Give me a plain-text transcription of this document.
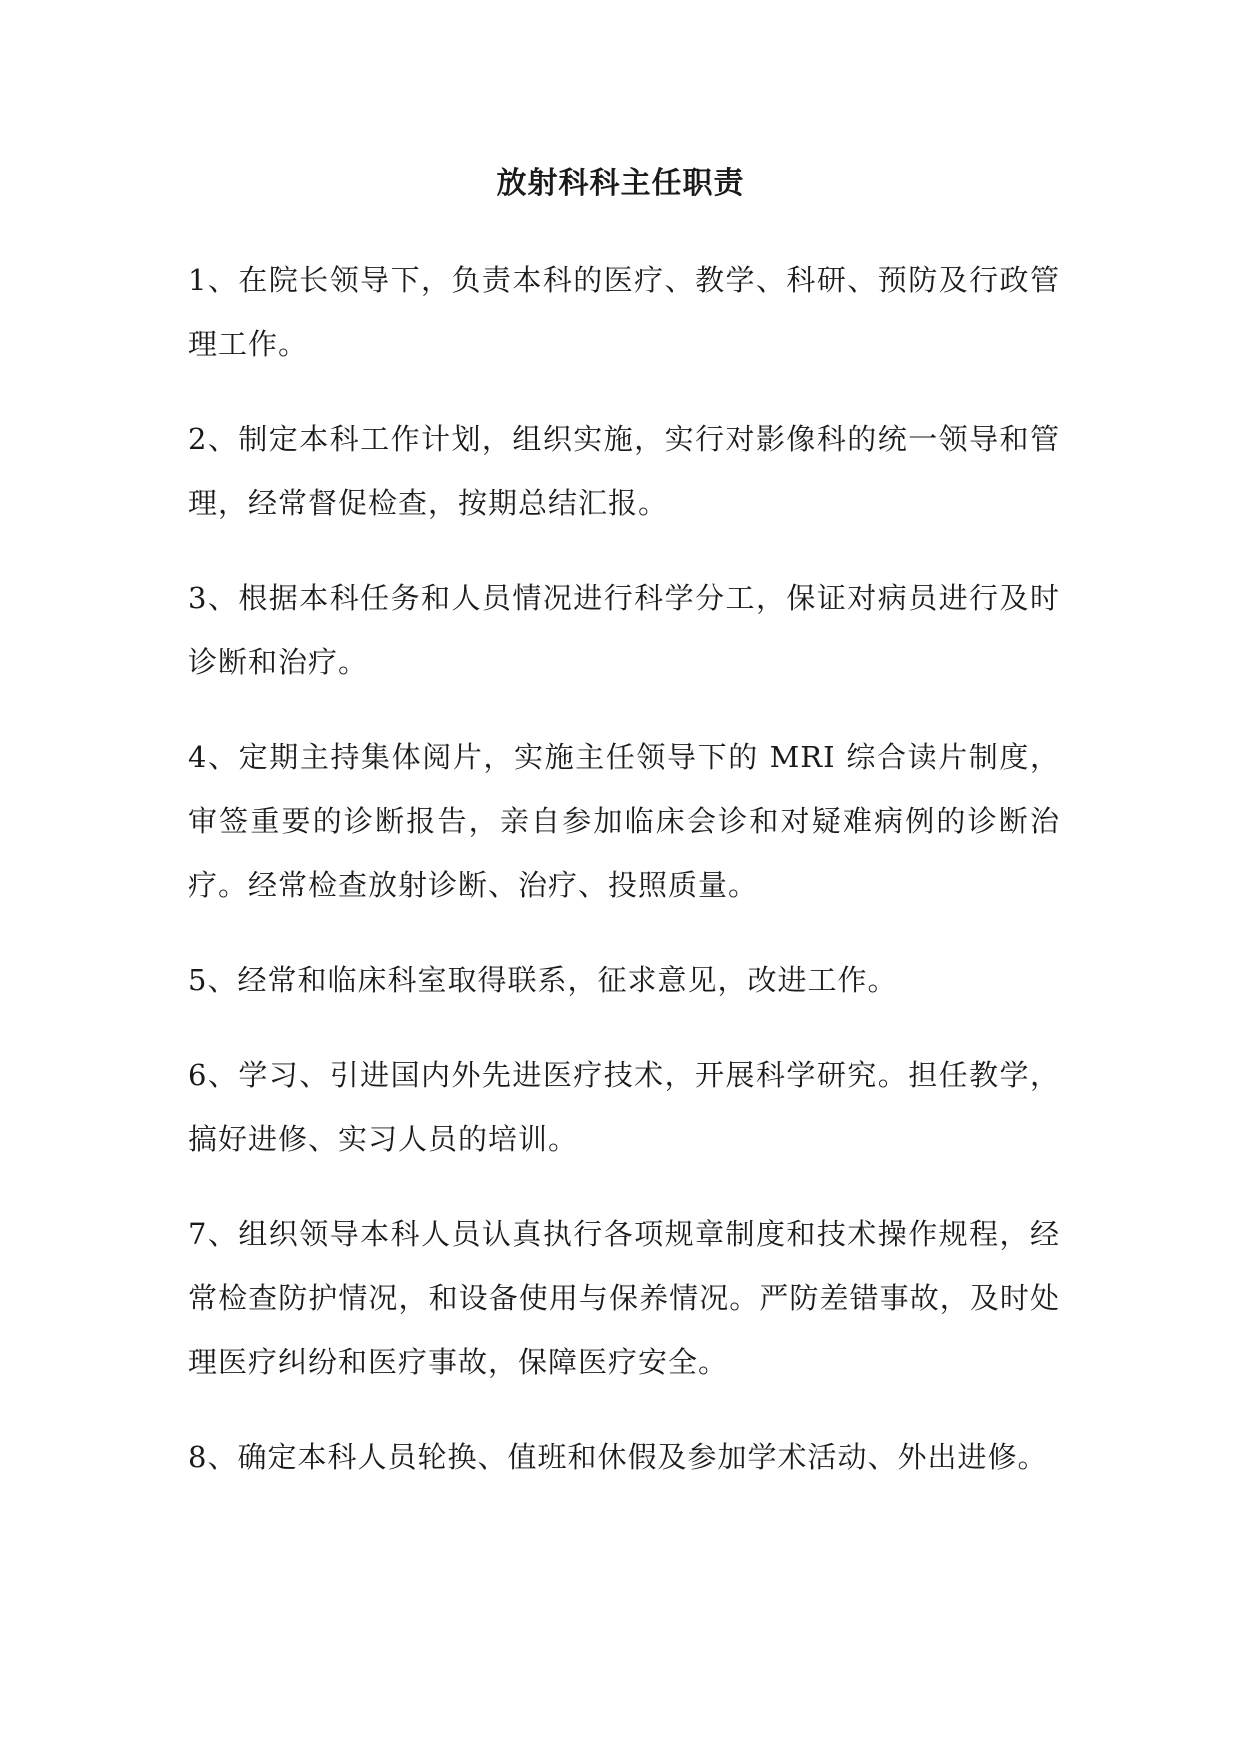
放射科科主任职责

1、在院长领导下，负责本科的医疗、教学、科研、预防及行政管理工作。

2、制定本科工作计划，组织实施，实行对影像科的统一领导和管理，经常督促检查，按期总结汇报。

3、根据本科任务和人员情况进行科学分工，保证对病员进行及时诊断和治疗。

4、定期主持集体阅片，实施主任领导下的 MRI 综合读片制度，审签重要的诊断报告，亲自参加临床会诊和对疑难病例的诊断治疗。经常检查放射诊断、治疗、投照质量。

5、经常和临床科室取得联系，征求意见，改进工作。

6、学习、引进国内外先进医疗技术，开展科学研究。担任教学，搞好进修、实习人员的培训。

7、组织领导本科人员认真执行各项规章制度和技术操作规程，经常检查防护情况，和设备使用与保养情况。严防差错事故，及时处理医疗纠纷和医疗事故，保障医疗安全。

8、确定本科人员轮换、值班和休假及参加学术活动、外出进修。
